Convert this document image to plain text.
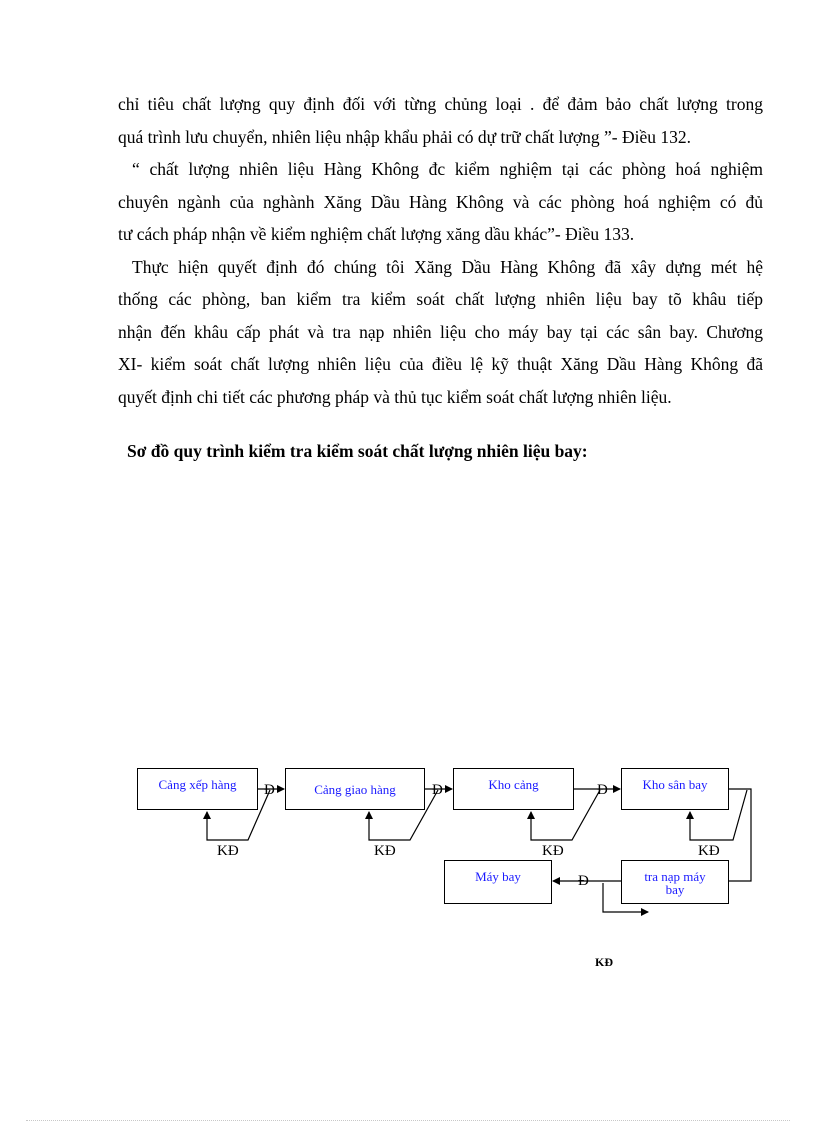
chỉ tiêu chất lượng quy định đối với từng chủng loại . để đảm bảo chất lượng trong

quá trình lưu chuyển, nhiên liệu nhập khẩu phải có dự trữ chất lượng ”- Điều 132.

“ chất lượng nhiên liệu Hàng Không đc kiểm nghiệm tại các phòng hoá nghiệm

chuyên ngành của nghành Xăng Dầu Hàng Không và các phòng hoá nghiệm có đủ

tư cách pháp nhận về kiểm nghiệm chất lượng xăng dầu khác”- Điều 133.

Thực hiện quyết định đó chúng tôi Xăng Dầu Hàng Không đã xây dựng mét hệ

thống các phòng, ban kiểm tra kiểm soát chất lượng nhiên liệu bay tõ khâu tiếp

nhận đến khâu cấp phát và tra nạp nhiên liệu cho máy bay tại các sân bay. Chương

XI- kiểm soát chất lượng nhiên liệu của điều lệ kỹ thuật Xăng Dầu Hàng Không đã

quyết định chi tiết các phương pháp và thủ tục kiểm soát chất lượng nhiên liệu.

Sơ đồ quy trình kiểm tra kiểm soát chất lượng nhiên liệu bay:
Cảng xếp hàng	Cảng giao hàng	Kho cảng	Kho sân bay
Máy bay	tra nạp máy
bay
Đ	Đ	Đ
Đ
KĐ	KĐ	KĐ	KĐ
KĐ
